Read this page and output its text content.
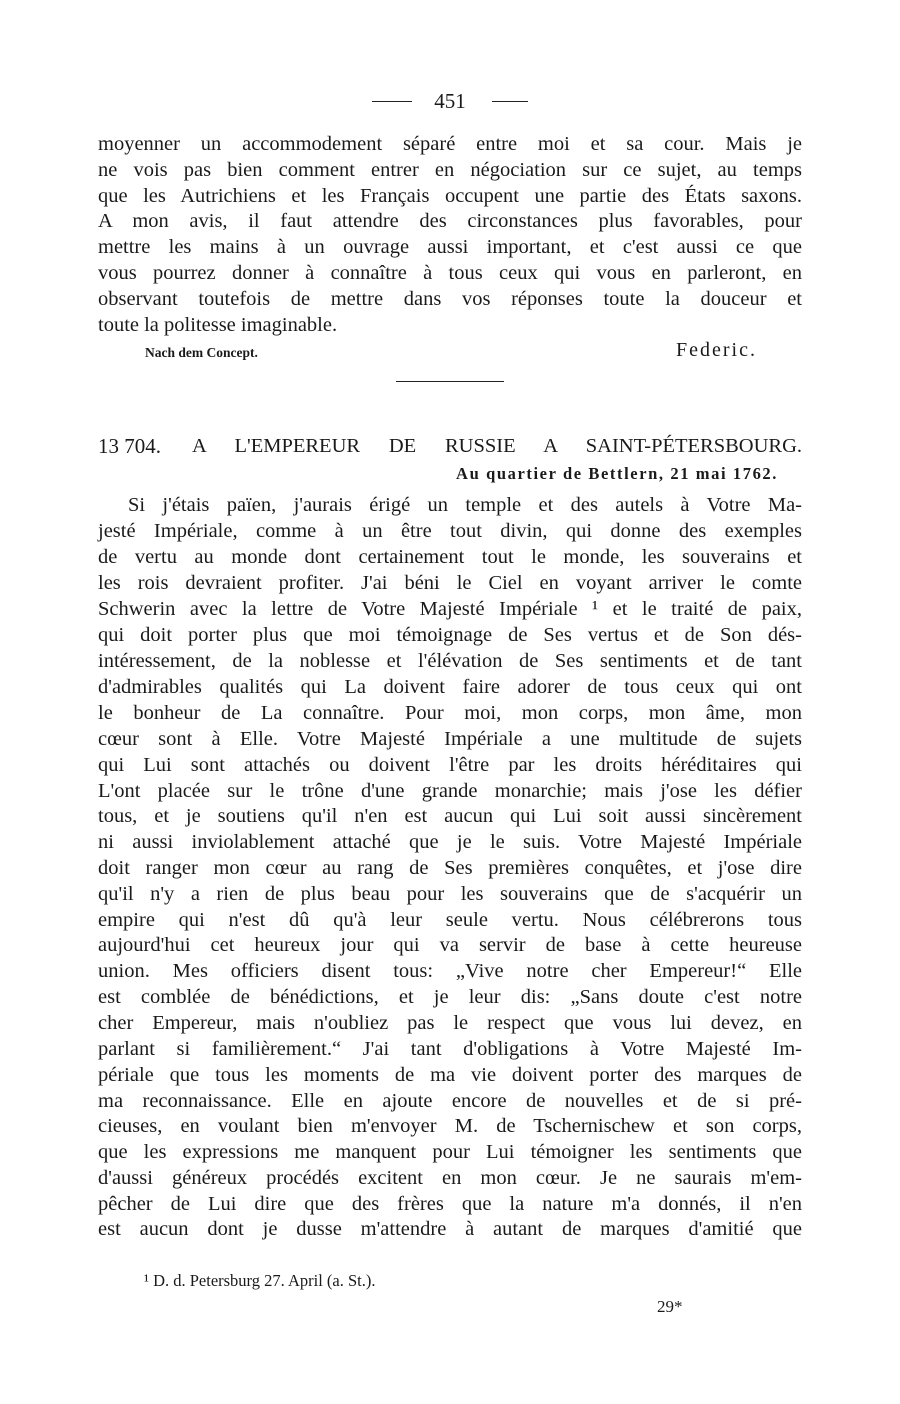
451

moyenner un accommodement séparé entre moi et sa cour. Mais je

ne vois pas bien comment entrer en négociation sur ce sujet, au temps

que les Autrichiens et les Français occupent une partie des États saxons.

A mon avis, il faut attendre des circonstances plus favorables, pour

mettre les mains à un ouvrage aussi important, et c'est aussi ce que

vous pourrez donner à connaître à tous ceux qui vous en parleront, en

observant toutefois de mettre dans vos réponses toute la douceur et

toute la politesse imaginable.

Nach dem Concept.	Federic.
13 704. A L'EMPEREUR DE RUSSIE A SAINT-PÉTERSBOURG.
Au quartier de Bettlern, 21 mai 1762.

Si j'étais païen, j'aurais érigé un temple et des autels à Votre Ma-

jesté Impériale, comme à un être tout divin, qui donne des exemples

de vertu au monde dont certainement tout le monde, les souverains et

les rois devraient profiter. J'ai béni le Ciel en voyant arriver le comte

Schwerin avec la lettre de Votre Majesté Impériale ¹ et le traité de paix,

qui doit porter plus que moi témoignage de Ses vertus et de Son dés-

intéressement, de la noblesse et l'élévation de Ses sentiments et de tant

d'admirables qualités qui La doivent faire adorer de tous ceux qui ont

le bonheur de La connaître. Pour moi, mon corps, mon âme, mon

cœur sont à Elle. Votre Majesté Impériale a une multitude de sujets

qui Lui sont attachés ou doivent l'être par les droits héréditaires qui

L'ont placée sur le trône d'une grande monarchie; mais j'ose les défier

tous, et je soutiens qu'il n'en est aucun qui Lui soit aussi sincèrement

ni aussi inviolablement attaché que je le suis. Votre Majesté Impériale

doit ranger mon cœur au rang de Ses premières conquêtes, et j'ose dire

qu'il n'y a rien de plus beau pour les souverains que de s'acquérir un

empire qui n'est dû qu'à leur seule vertu. Nous célébrerons tous

aujourd'hui cet heureux jour qui va servir de base à cette heureuse

union. Mes officiers disent tous: „Vive notre cher Empereur!“ Elle

est comblée de bénédictions, et je leur dis: „Sans doute c'est notre

cher Empereur, mais n'oubliez pas le respect que vous lui devez, en

parlant si familièrement.“ J'ai tant d'obligations à Votre Majesté Im-

périale que tous les moments de ma vie doivent porter des marques de

ma reconnaissance. Elle en ajoute encore de nouvelles et de si pré-

cieuses, en voulant bien m'envoyer M. de Tschernischew et son corps,

que les expressions me manquent pour Lui témoigner les sentiments que

d'aussi généreux procédés excitent en mon cœur. Je ne saurais m'em-

pêcher de Lui dire que des frères que la nature m'a donnés, il n'en

est aucun dont je dusse m'attendre à autant de marques d'amitié que

¹ D. d. Petersburg 27. April (a. St.).
29*
